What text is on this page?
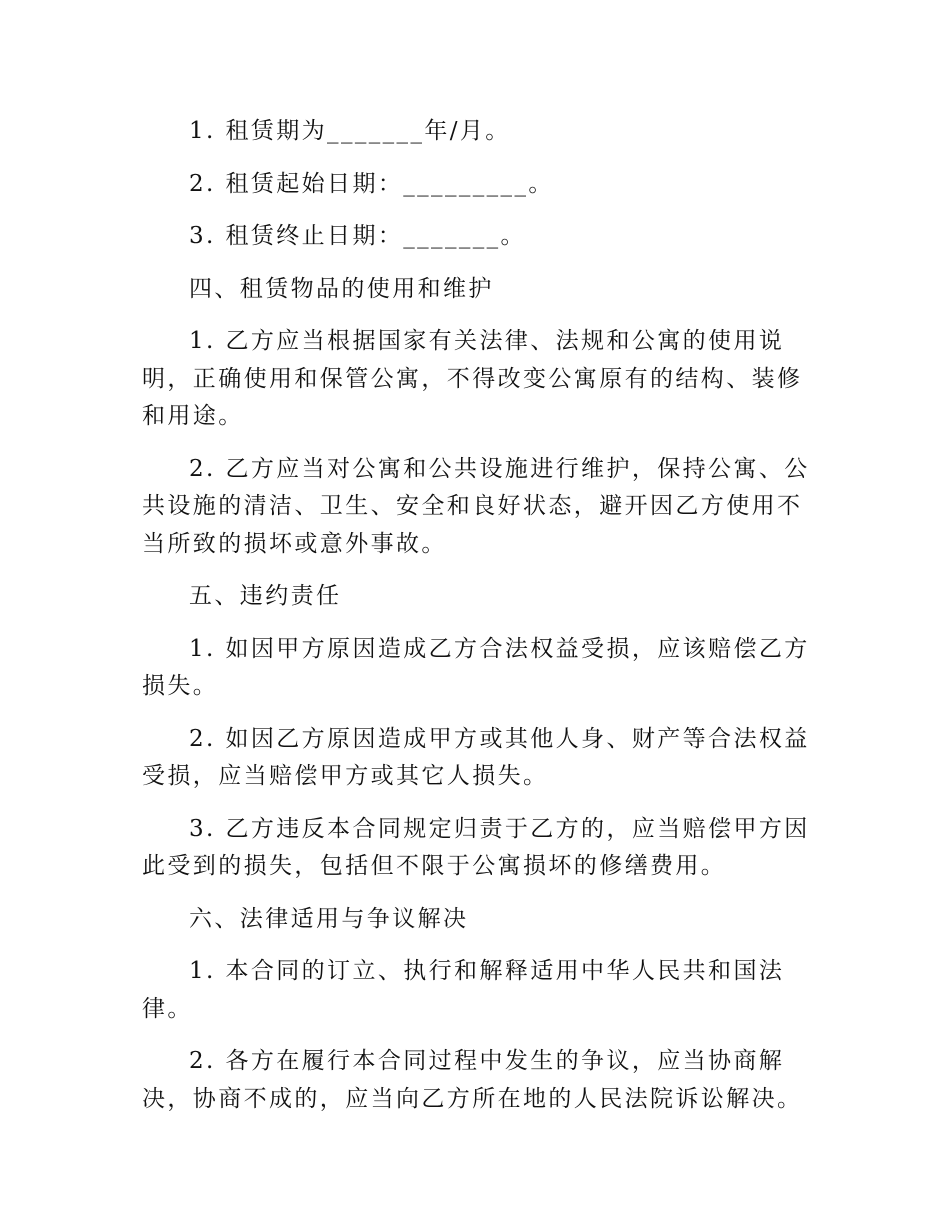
1. 租赁期为_______年/月。

2. 租赁起始日期：_________。

3. 租赁终止日期：_______。

四、租赁物品的使用和维护

1. 乙方应当根据国家有关法律、法规和公寓的使用说明，正确使用和保管公寓，不得改变公寓原有的结构、装修和用途。

2. 乙方应当对公寓和公共设施进行维护，保持公寓、公共设施的清洁、卫生、安全和良好状态，避开因乙方使用不当所致的损坏或意外事故。

五、违约责任

1. 如因甲方原因造成乙方合法权益受损，应该赔偿乙方损失。

2. 如因乙方原因造成甲方或其他人身、财产等合法权益受损，应当赔偿甲方或其它人损失。

3. 乙方违反本合同规定归责于乙方的，应当赔偿甲方因此受到的损失，包括但不限于公寓损坏的修缮费用。

六、法律适用与争议解决

1. 本合同的订立、执行和解释适用中华人民共和国法律。

2. 各方在履行本合同过程中发生的争议，应当协商解决，协商不成的，应当向乙方所在地的人民法院诉讼解决。
